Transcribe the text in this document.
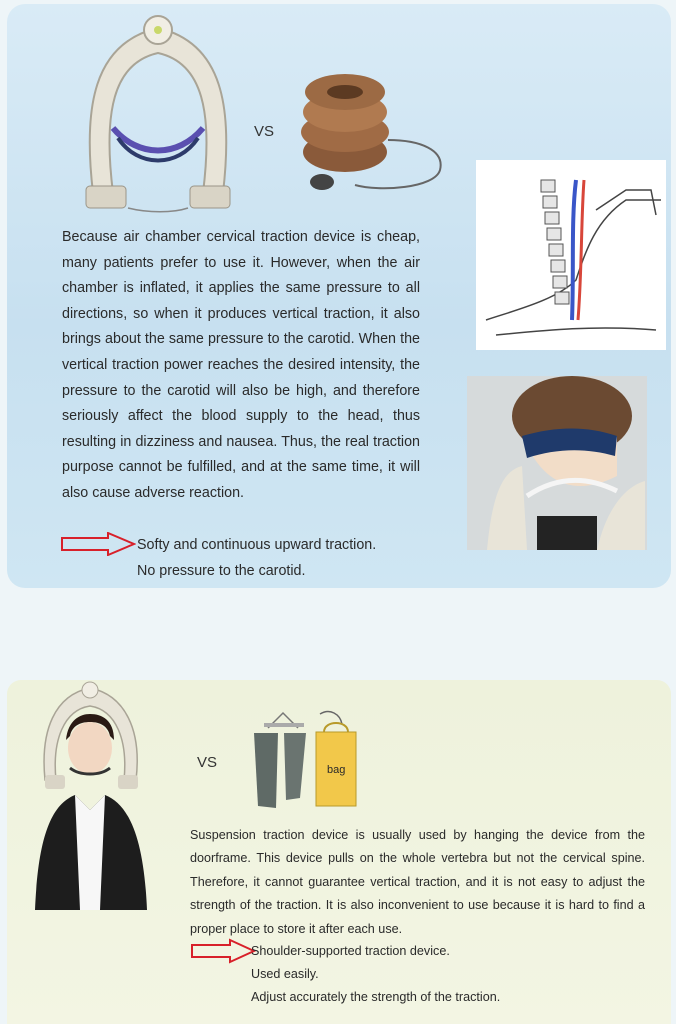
VS

Because air chamber cervical traction device is cheap, many patients prefer to use it. However, when the air chamber is inflated, it applies the same pressure to all directions, so when it produces vertical traction, it also brings about the same pressure to the carotid. When the vertical traction power reaches the desired intensity, the pressure to the carotid will also be high, and therefore seriously affect the blood supply to the head, thus resulting in dizziness and nausea. Thus, the real traction purpose cannot be fulfilled, and at the same time, it will also cause adverse reaction.

Softy and continuous upward traction.
No pressure to the carotid.
VS	bag

Suspension traction device is usually used by hanging the device from the doorframe. This device pulls on the whole vertebra but not the cervical spine. Therefore, it cannot guarantee vertical traction, and it is not easy to adjust the strength of the traction. It is also inconvenient to use because it is hard to find a proper place to store it after each use.

Shoulder-supported traction device.
Used easily.
Adjust accurately the strength of the traction.
